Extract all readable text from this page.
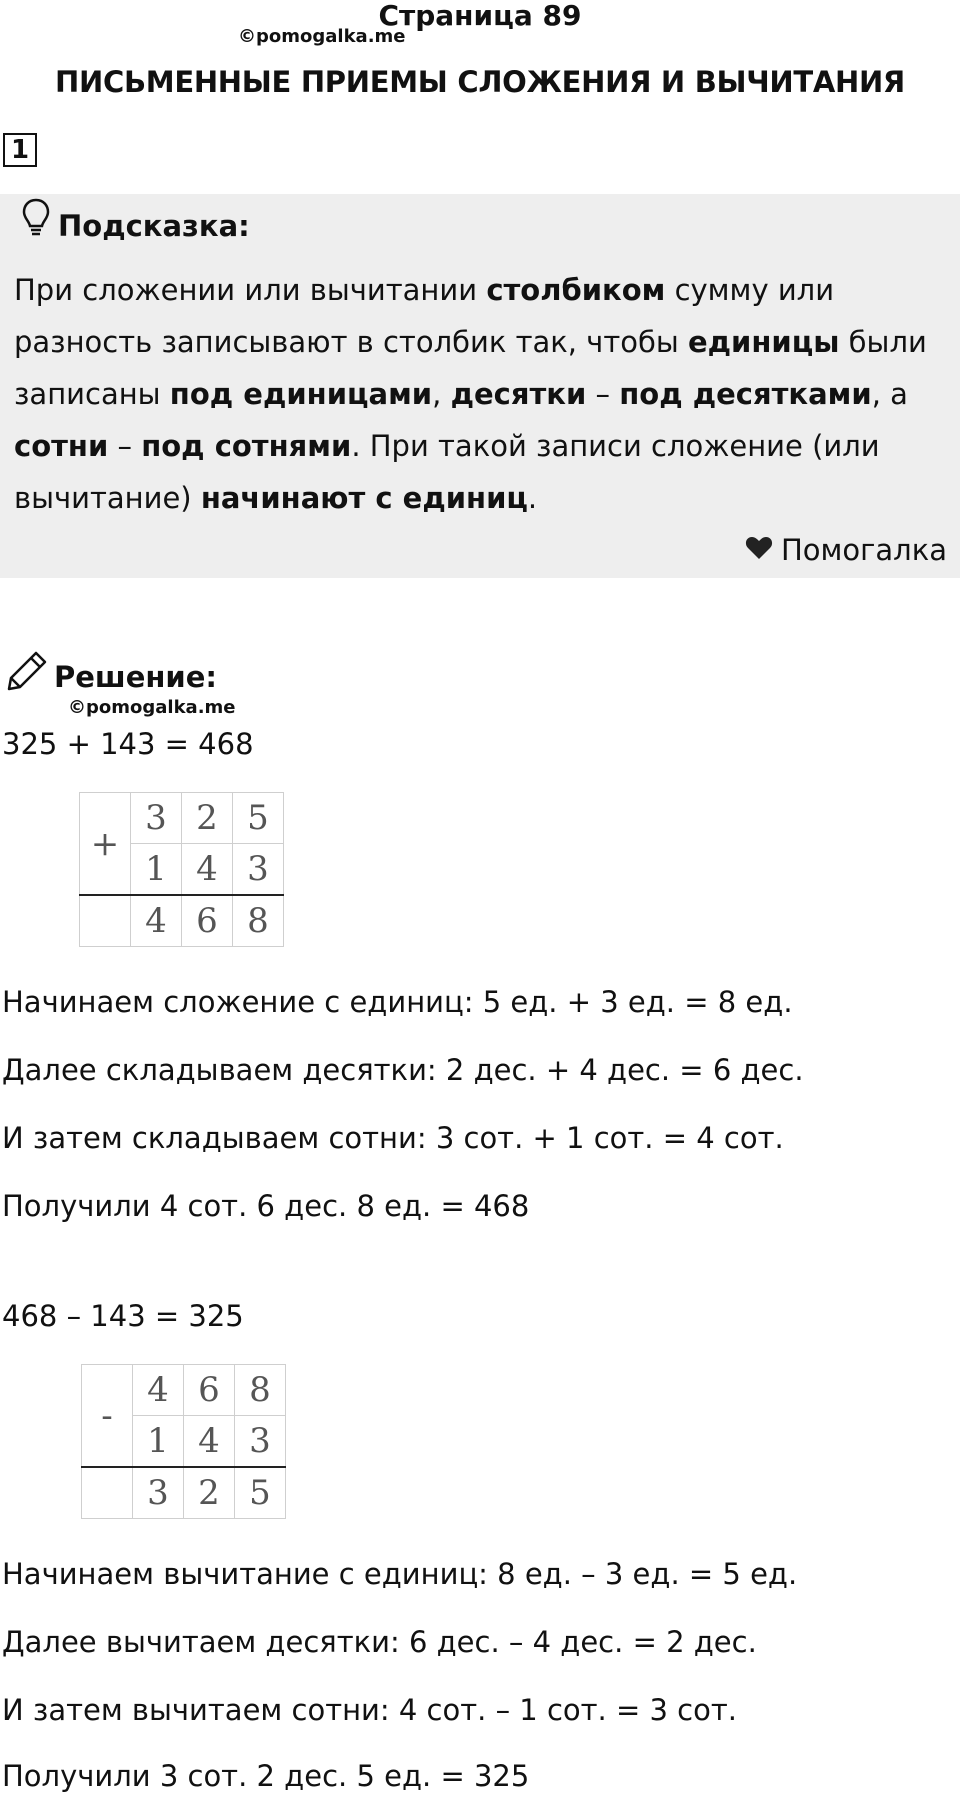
Страница 89
©pomogalka.me
ПИСЬМЕННЫЕ ПРИЕМЫ СЛОЖЕНИЯ И ВЫЧИТАНИЯ
1
Подсказка:

При сложении или вычитании столбиком сумму или разность записывают в столбик так, чтобы единицы были записаны под единицами, десятки – под десятками, а сотни – под сотнями. При такой записи сложение (или вычитание) начинают с единиц.

Помогалка
Решение:
©pomogalka.me
325 + 143 = 468
+	3	2	5
	1	4	3
	4	6	8
Начинаем сложение с единиц: 5 ед. + 3 ед. = 8 ед.
Далее складываем десятки: 2 дес. + 4 дес. = 6 дес.
И затем складываем сотни: 3 сот. + 1 сот. = 4 сот.
Получили 4 сот. 6 дес. 8 ед. = 468
468 – 143 = 325
-	4	6	8
	1	4	3
	3	2	5
Начинаем вычитание с единиц: 8 ед. – 3 ед. = 5 ед.
Далее вычитаем десятки: 6 дес. – 4 дес. = 2 дес.
И затем вычитаем сотни: 4 сот. – 1 сот. = 3 сот.
Получили 3 сот. 2 дес. 5 ед. = 325
